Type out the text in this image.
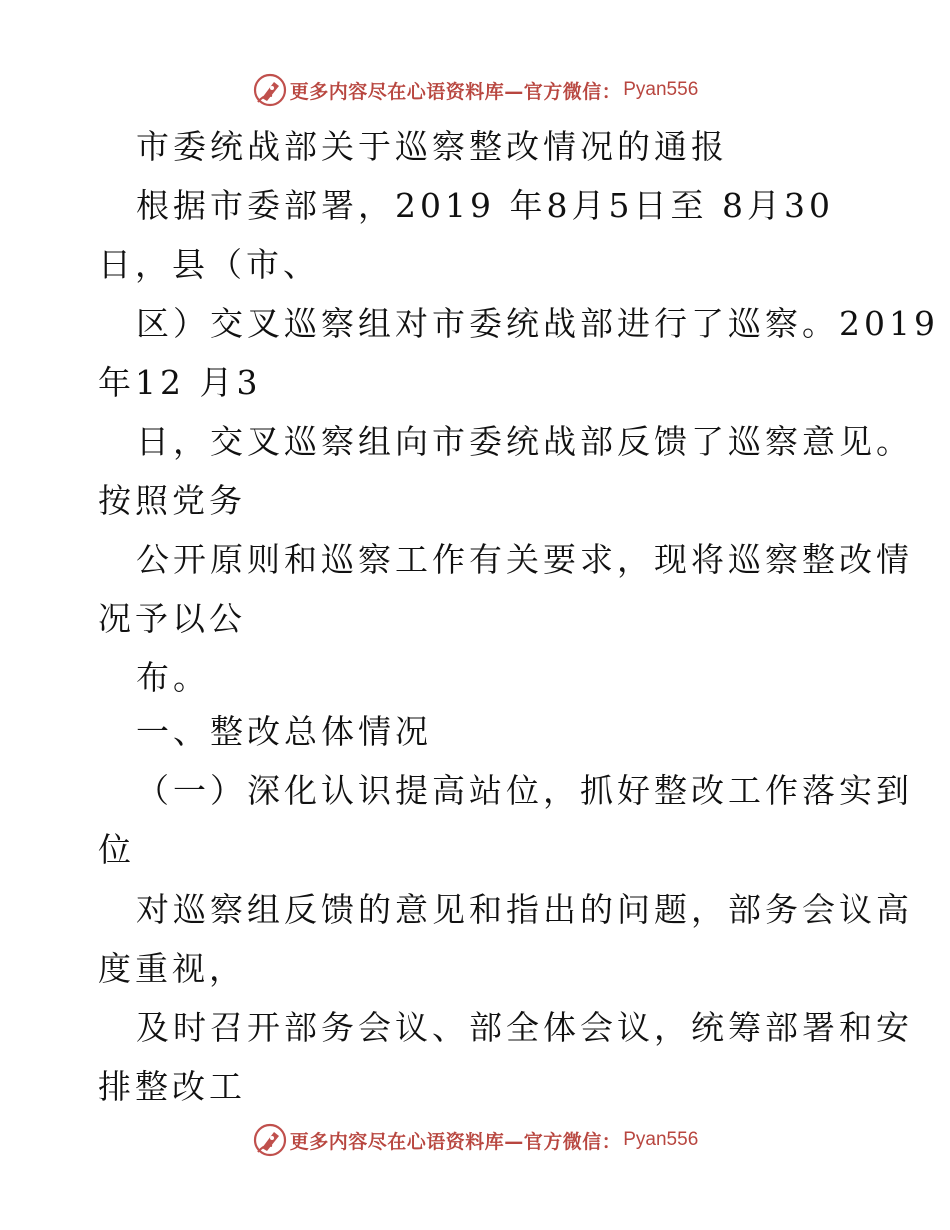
更多内容尽在心语资料库—官方微信： Pyan556
市委统战部关于巡察整改情况的通报
根据市委部署，2019 年8月5日至 8月30
日，县（市、
区）交叉巡察组对市委统战部进行了巡察。2019
年12 月3
日，交叉巡察组向市委统战部反馈了巡察意见。
按照党务
公开原则和巡察工作有关要求，现将巡察整改情
况予以公
布。
一、整改总体情况
（一）深化认识提高站位，抓好整改工作落实到
位
对巡察组反馈的意见和指出的问题，部务会议高
度重视，
及时召开部务会议、部全体会议，统筹部署和安
排整改工
更多内容尽在心语资料库—官方微信： Pyan556
